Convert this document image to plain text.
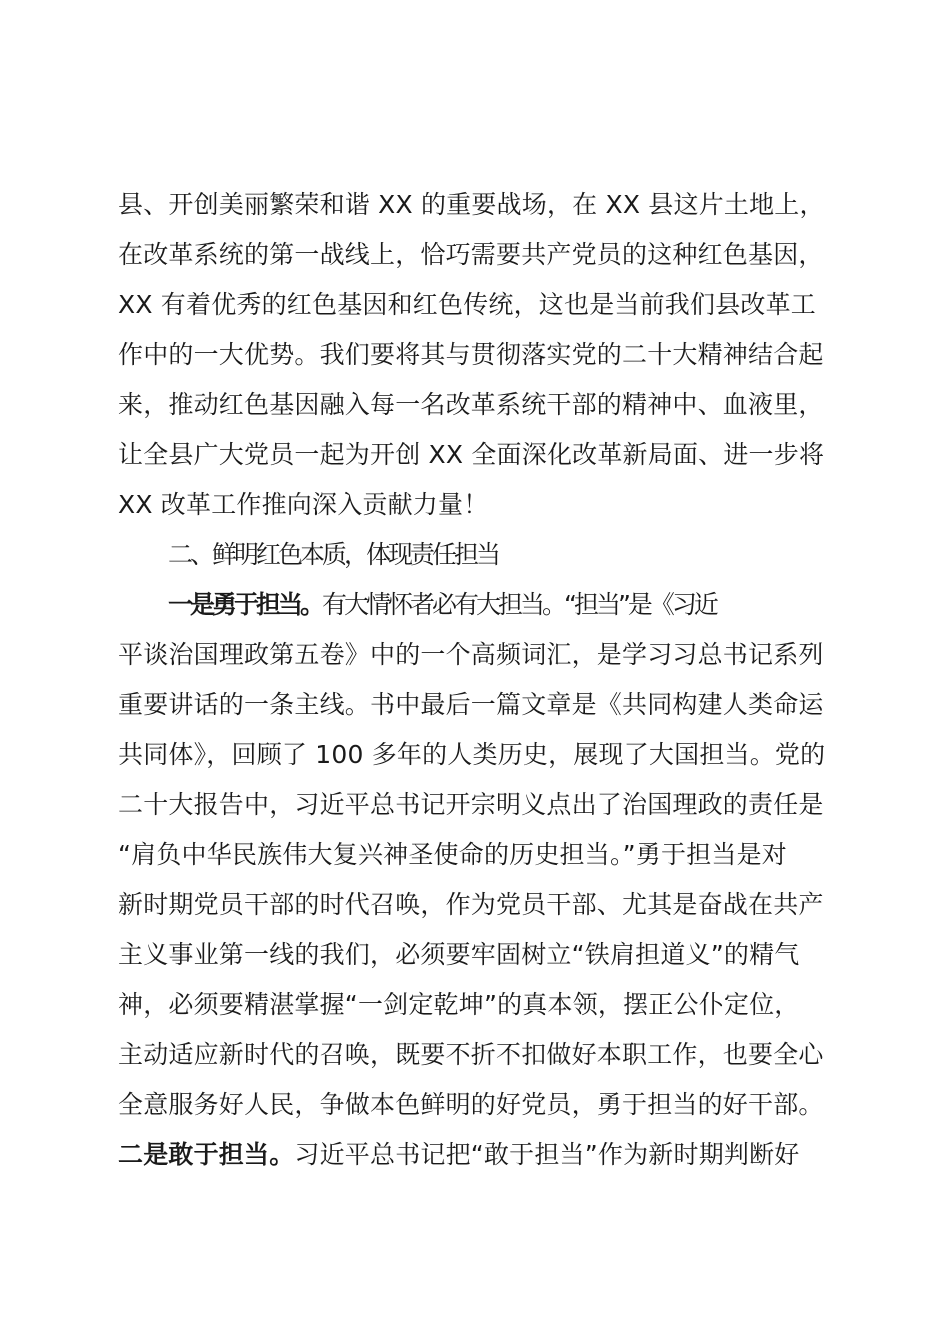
县、开创美丽繁荣和谐 XX 的重要战场，在 XX 县这片土地上，
在改革系统的第一战线上，恰巧需要共产党员的这种红色基因，
XX 有着优秀的红色基因和红色传统，这也是当前我们县改革工
作中的一大优势。我们要将其与贯彻落实党的二十大精神结合起
来，推动红色基因融入每一名改革系统干部的精神中、血液里，
让全县广大党员一起为开创 XX 全面深化改革新局面、进一步将
XX 改革工作推向深入贡献力量！
二、鲜明红色本质，体现责任担当
一是勇于担当。有大情怀者必有大担当。“担当”是《习近
平谈治国理政第五卷》中的一个高频词汇，是学习习总书记系列
重要讲话的一条主线。书中最后一篇文章是《共同构建人类命运
共同体》，回顾了 100 多年的人类历史，展现了大国担当。党的
二十大报告中，习近平总书记开宗明义点出了治国理政的责任是
“肩负中华民族伟大复兴神圣使命的历史担当。”勇于担当是对
新时期党员干部的时代召唤，作为党员干部、尤其是奋战在共产
主义事业第一线的我们，必须要牢固树立“铁肩担道义”的精气
神，必须要精湛掌握“一剑定乾坤”的真本领，摆正公仆定位，
主动适应新时代的召唤，既要不折不扣做好本职工作，也要全心
全意服务好人民，争做本色鲜明的好党员，勇于担当的好干部。
二是敢于担当。习近平总书记把“敢于担当”作为新时期判断好
